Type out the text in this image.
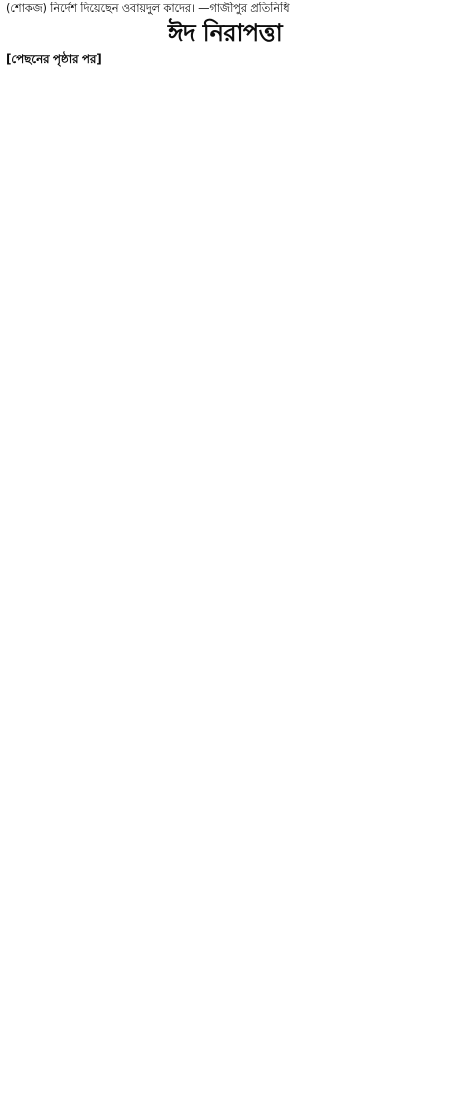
(শোকজ) নির্দেশ দিয়েছেন ওবায়দুল কাদের। —গাজীপুর প্রতিনিধি
ঈদ নিরাপত্তা

[পেছনের পৃষ্ঠার পর]
